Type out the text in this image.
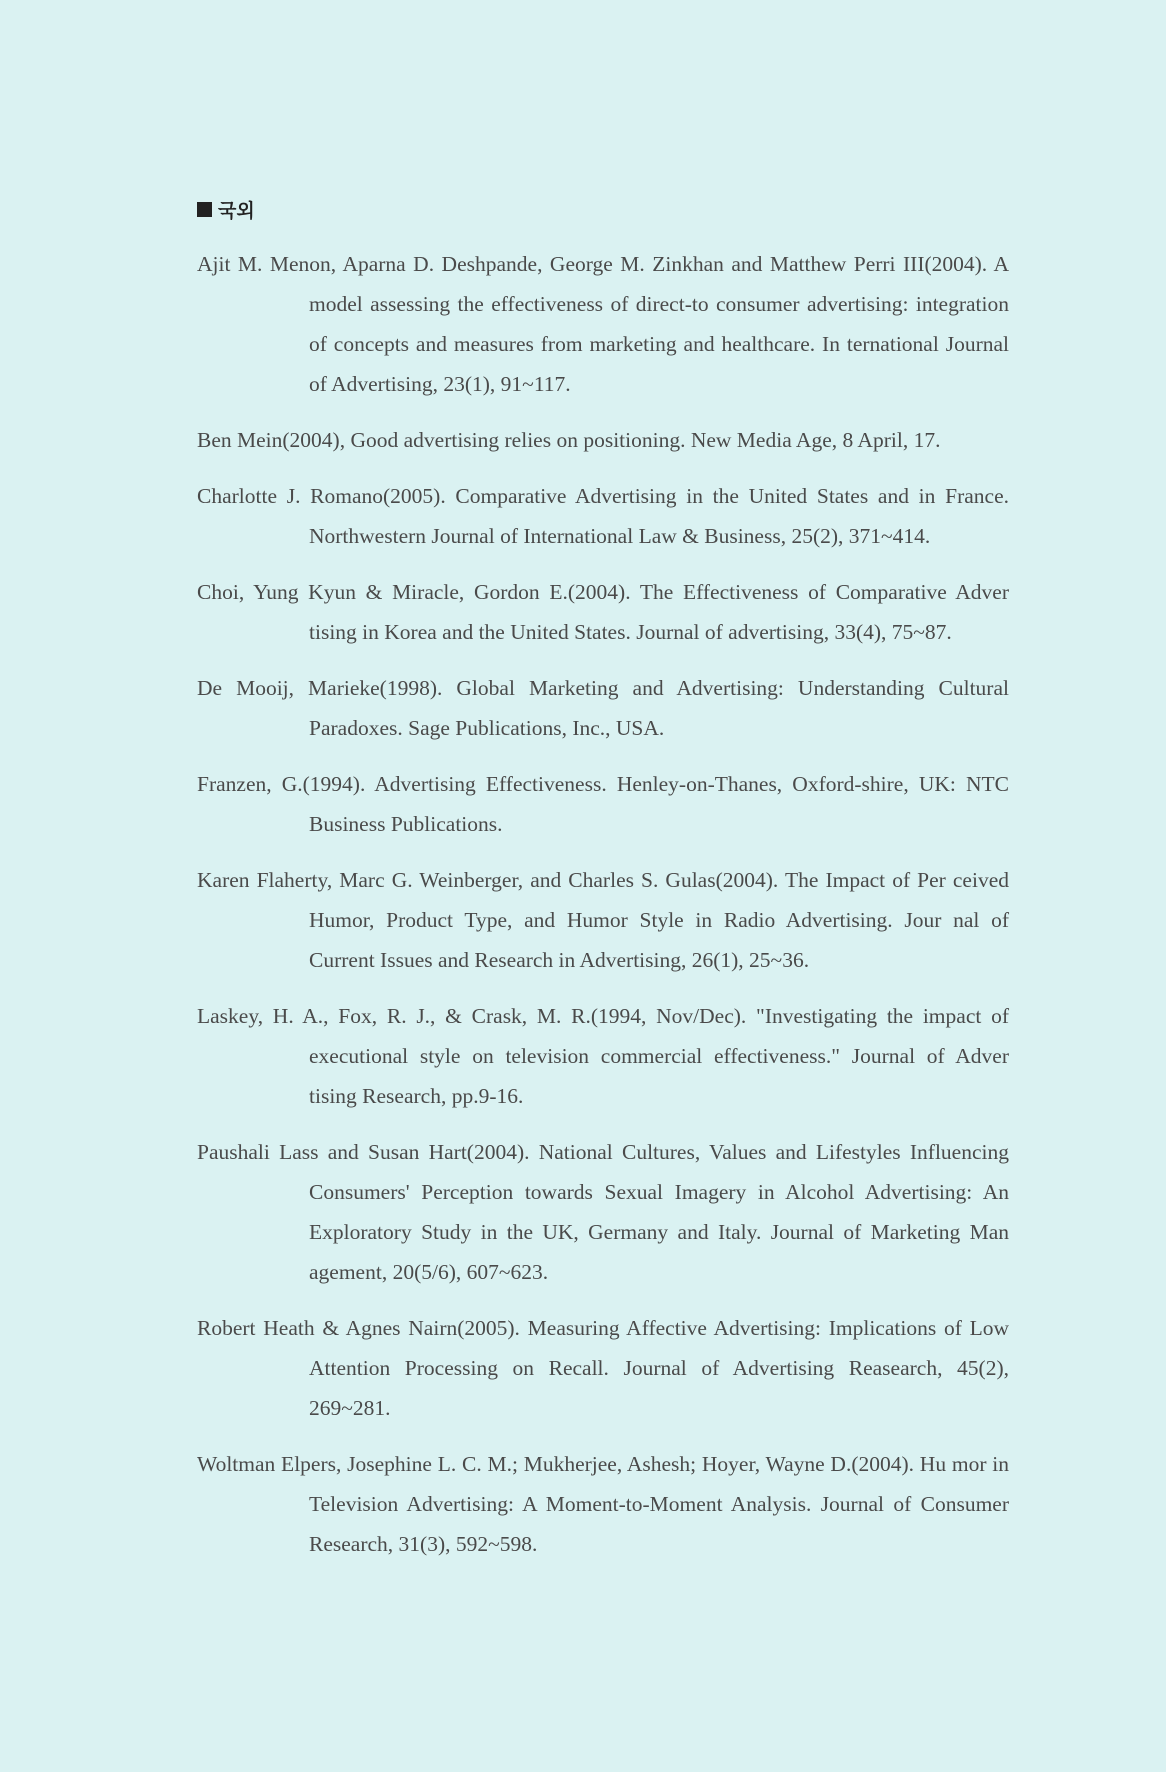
국외
Ajit M. Menon, Aparna D. Deshpande, George M. Zinkhan and Matthew Perri III(2004). A model assessing the effectiveness of direct-to consumer advertising: integration of concepts and measures from marketing and healthcare. In ternational Journal of Advertising, 23(1), 91~117.
Ben Mein(2004), Good advertising relies on positioning. New Media Age, 8 April, 17.
Charlotte J. Romano(2005). Comparative Advertising in the United States and in France. Northwestern Journal of International Law & Business, 25(2), 371~414.
Choi, Yung Kyun & Miracle, Gordon E.(2004). The Effectiveness of Comparative Adver tising in Korea and the United States. Journal of advertising, 33(4), 75~87.
De Mooij, Marieke(1998). Global Marketing and Advertising: Understanding Cultural Paradoxes. Sage Publications, Inc., USA.
Franzen, G.(1994). Advertising Effectiveness. Henley-on-Thanes, Oxford-shire, UK: NTC Business Publications.
Karen Flaherty, Marc G. Weinberger, and Charles S. Gulas(2004). The Impact of Per ceived Humor, Product Type, and Humor Style in Radio Advertising. Jour nal of Current Issues and Research in Advertising, 26(1), 25~36.
Laskey, H. A., Fox, R. J., & Crask, M. R.(1994, Nov/Dec). "Investigating the impact of executional style on television commercial effectiveness." Journal of Adver tising Research, pp.9-16.
Paushali Lass and Susan Hart(2004). National Cultures, Values and Lifestyles Influencing Consumers' Perception towards Sexual Imagery in Alcohol Advertising: An Exploratory Study in the UK, Germany and Italy. Journal of Marketing Man agement, 20(5/6), 607~623.
Robert Heath & Agnes Nairn(2005). Measuring Affective Advertising: Implications of Low Attention Processing on Recall. Journal of Advertising Reasearch, 45(2), 269~281.
Woltman Elpers, Josephine L. C. M.; Mukherjee, Ashesh; Hoyer, Wayne D.(2004). Hu mor in Television Advertising: A Moment-to-Moment Analysis. Journal of Consumer Research, 31(3), 592~598.
